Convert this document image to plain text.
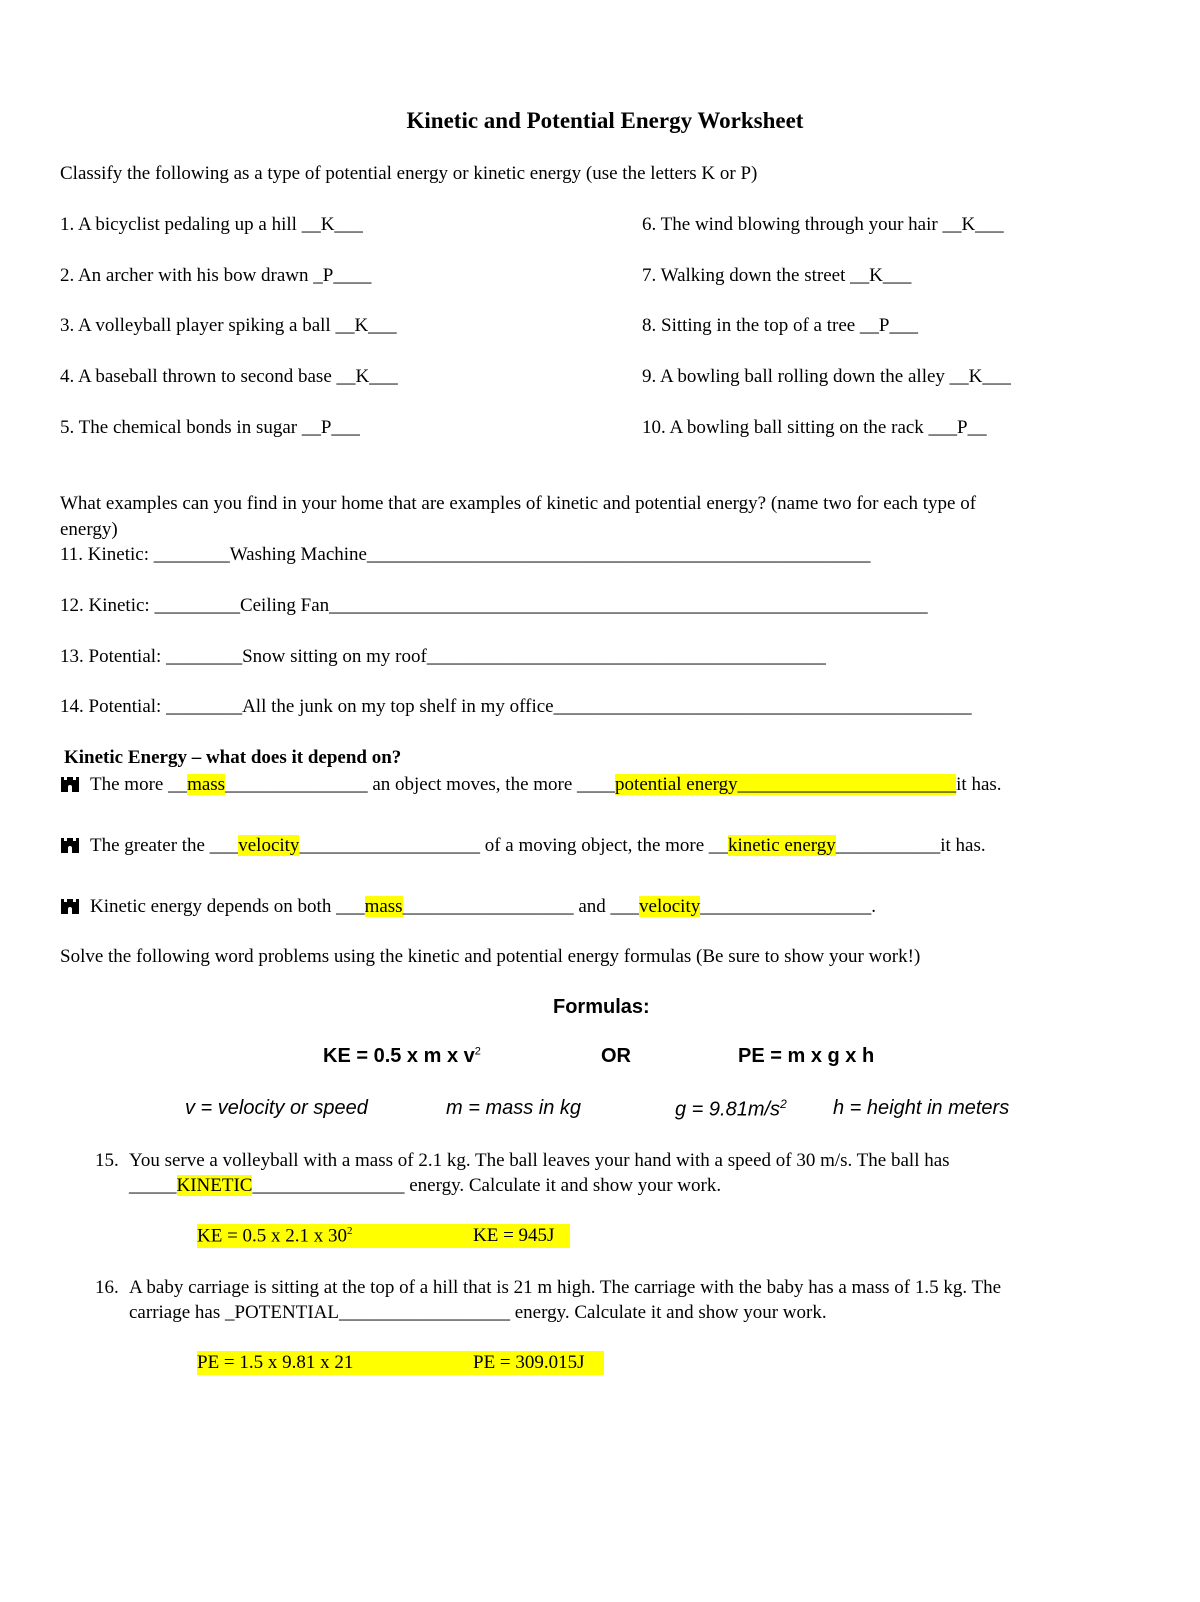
Kinetic and Potential Energy Worksheet
Classify the following as a type of potential energy or kinetic energy (use the letters K or P)
1. A bicyclist pedaling up a hill __K___
2. An archer with his bow drawn _P____
3. A volleyball player spiking a ball __K___
4. A baseball thrown to second base __K___
5. The chemical bonds in sugar __P___
6. The wind blowing through your hair __K___
7. Walking down the street __K___
8. Sitting in the top of a tree __P___
9. A bowling ball rolling down the alley __K___
10. A bowling ball sitting on the rack ___P__
What examples can you find in your home that are examples of kinetic and potential energy? (name two for each type of
energy)
11. Kinetic: ________Washing Machine_____________________________________________________
12. Kinetic: _________Ceiling Fan_______________________________________________________________
13. Potential: ________Snow sitting on my roof__________________________________________
14. Potential: ________All the junk on my top shelf in my office____________________________________________
Kinetic Energy – what does it depend on?
The more __mass_______________ an object moves, the more ____potential energy_______________________it has.
The greater the ___velocity___________________ of a moving object, the more __kinetic energy___________it has.
Kinetic energy depends on both ___mass__________________ and ___velocity__________________.
Solve the following word problems using the kinetic and potential energy formulas (Be sure to show your work!)
Formulas:
KE = 0.5 x m x $v^2$	OR	PE = m x g x h
v = velocity or speed	m = mass in kg	$g = 9.81m/s^2$ h = height in meters
15. You serve a volleyball with a mass of 2.1 kg. The ball leaves your hand with a speed of 30 m/s. The ball has
_____KINETIC________________ energy. Calculate it and show your work.
KE = 0.5 x 2.1 x $30^2$	KE = 945J
16. A baby carriage is sitting at the top of a hill that is 21 m high. The carriage with the baby has a mass of 1.5 kg. The
carriage has _POTENTIAL__________________ energy. Calculate it and show your work.
PE = 1.5 x 9.81 x 21	PE = 309.015J
